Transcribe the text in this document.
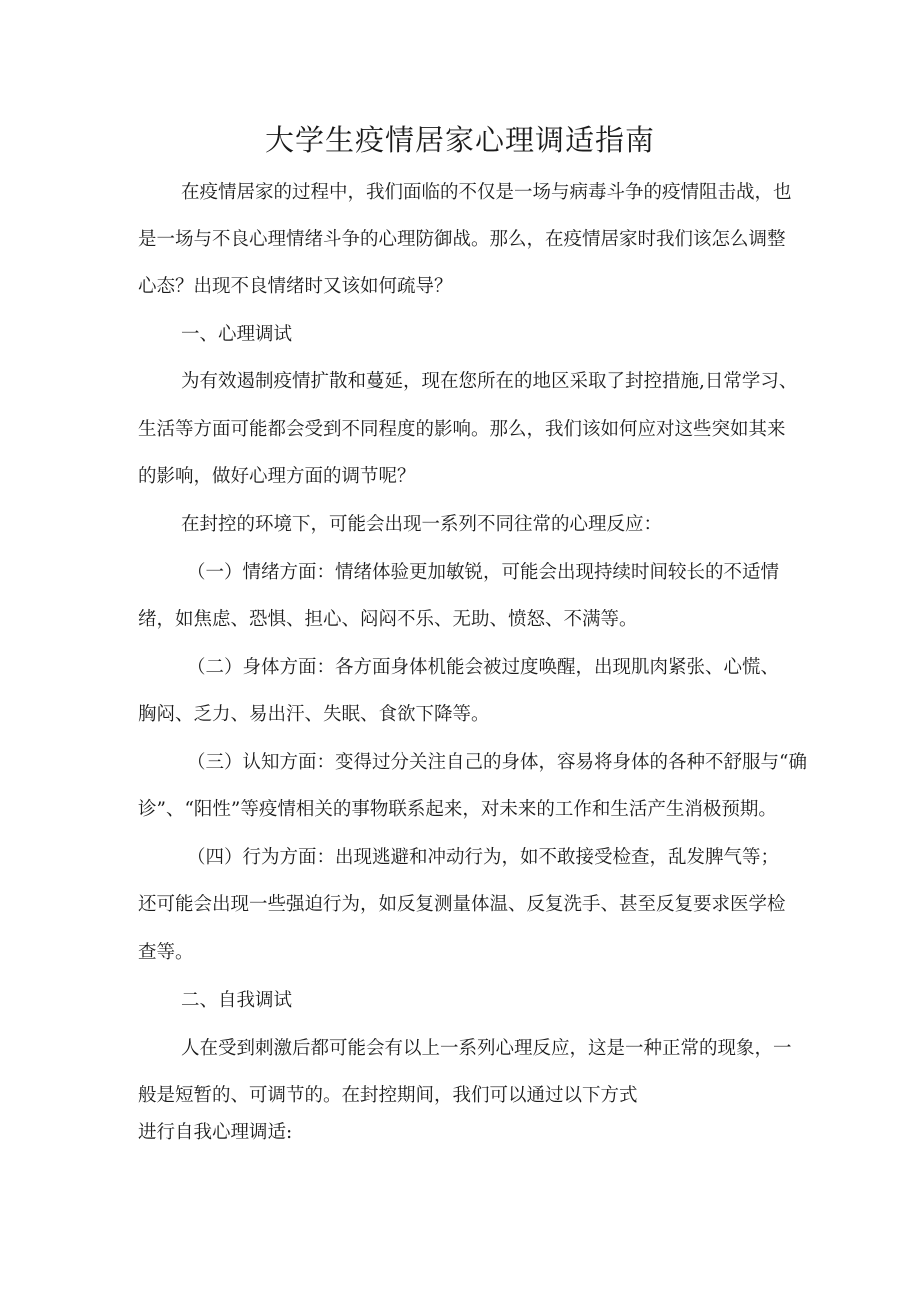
大学生疫情居家心理调适指南
在疫情居家的过程中，我们面临的不仅是一场与病毒斗争的疫情阻击战，也
是一场与不良心理情绪斗争的心理防御战。那么，在疫情居家时我们该怎么调整
心态？出现不良情绪时又该如何疏导？
一、心理调试
为有效遏制疫情扩散和蔓延，现在您所在的地区采取了封控措施,日常学习、
生活等方面可能都会受到不同程度的影响。那么，我们该如何应对这些突如其来
的影响，做好心理方面的调节呢？
在封控的环境下，可能会出现一系列不同往常的心理反应：
（一）情绪方面：情绪体验更加敏锐，可能会出现持续时间较长的不适情
绪，如焦虑、恐惧、担心、闷闷不乐、无助、愤怒、不满等。
（二）身体方面：各方面身体机能会被过度唤醒，出现肌肉紧张、心慌、
胸闷、乏力、易出汗、失眠、食欲下降等。
（三）认知方面：变得过分关注自己的身体，容易将身体的各种不舒服与“确
诊”、“阳性”等疫情相关的事物联系起来，对未来的工作和生活产生消极预期。
（四）行为方面：出现逃避和冲动行为，如不敢接受检查，乱发脾气等；
还可能会出现一些强迫行为，如反复测量体温、反复洗手、甚至反复要求医学检
查等。
二、自我调试
人在受到刺激后都可能会有以上一系列心理反应，这是一种正常的现象，一
般是短暂的、可调节的。在封控期间，我们可以通过以下方式
进行自我心理调适:
